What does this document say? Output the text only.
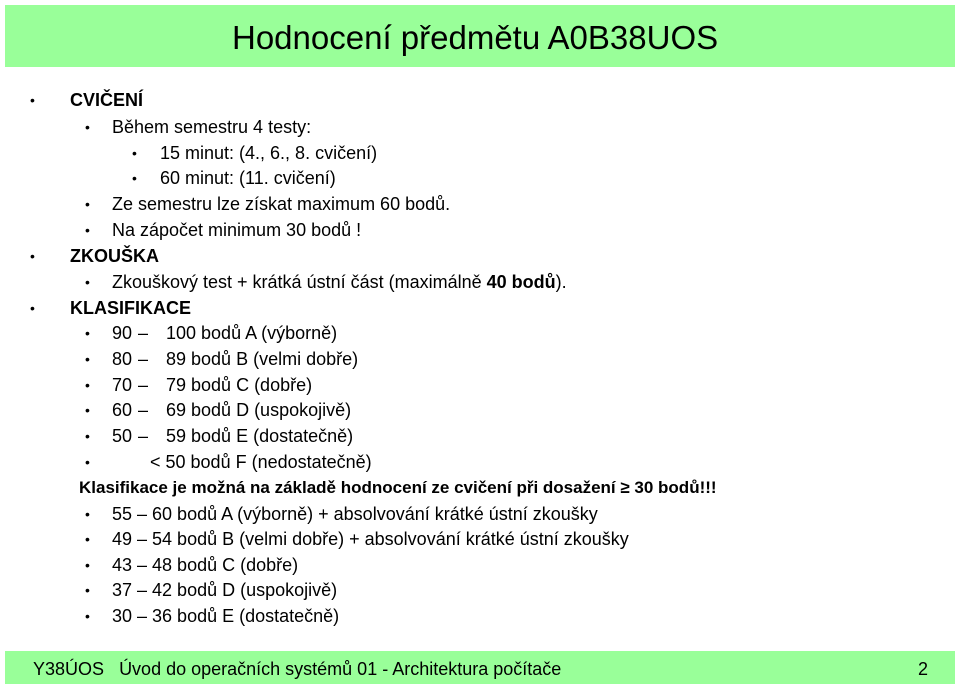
Hodnocení předmětu A0B38UOS
• CVIČENÍ
• Během semestru 4 testy:
• 15 minut: (4., 6., 8. cvičení)
• 60 minut: (11. cvičení)
• Ze semestru lze získat maximum 60 bodů.
• Na zápočet minimum 30 bodů !
• ZKOUŠKA
• Zkouškový test + krátká ústní část (maximálně 40 bodů).
• KLASIFIKACE
• 90 – 100 bodů A (výborně)
• 80 – 89 bodů B (velmi dobře)
• 70 – 79 bodů C (dobře)
• 60 – 69 bodů D (uspokojivě)
• 50 – 59 bodů E (dostatečně)
•	< 50 bodů F (nedostatečně)
Klasifikace je možná na základě hodnocení ze cvičení při dosažení ≥ 30 bodů!!!
• 55 – 60 bodů A (výborně) + absolvování krátké ústní zkoušky
• 49 – 54 bodů B (velmi dobře) + absolvování krátké ústní zkoušky
• 43 – 48 bodů C (dobře)
• 37 – 42 bodů D (uspokojivě)
• 30 – 36 bodů E (dostatečně)
Y38ÚOS Úvod do operačních systémů 01 - Architektura počítače	2
